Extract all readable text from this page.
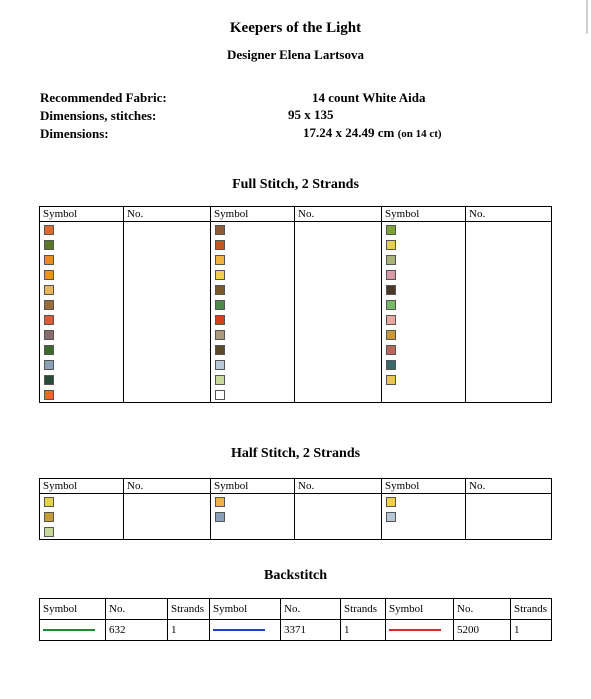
Keepers of the Light
Designer Elena Lartsova
Recommended Fabric:	14 count White Aida
Dimensions, stitches:	95 x 135
Dimensions:	17.24 x 24.49 cm (on 14 ct)
Full Stitch, 2 Strands
Symbol		No.	Symbol		No.	Symbol		No.

Half Stitch, 2 Strands
Symbol		No.	Symbol		No.	Symbol		No.

Backstitch
Symbol	No.	Strands	Symbol	No.	Strands	Symbol	No.	Strands
	632	1		3371	1		5200	1
